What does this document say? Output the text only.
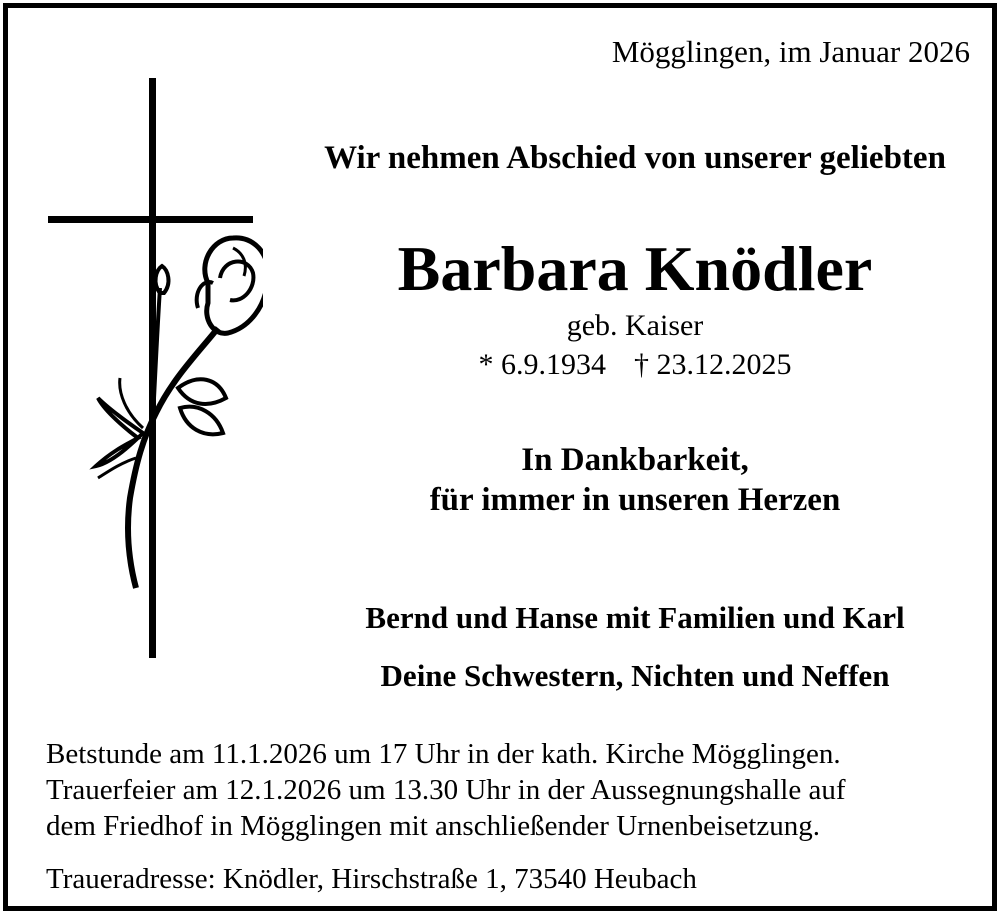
Mögglingen, im Januar 2026
Wir nehmen Abschied von unserer geliebten
Barbara Knödler
geb. Kaiser
* 6.9.1934 † 23.12.2025
In Dankbarkeit,
für immer in unseren Herzen
Bernd und Hanse mit Familien und Karl
Deine Schwestern, Nichten und Neffen
Betstunde am 11.1.2026 um 17 Uhr in der kath. Kirche Mögglingen.
Trauerfeier am 12.1.2026 um 13.30 Uhr in der Aussegnungshalle auf
dem Friedhof in Mögglingen mit anschließender Urnenbeisetzung.
Traueradresse: Knödler, Hirschstraße 1, 73540 Heubach
